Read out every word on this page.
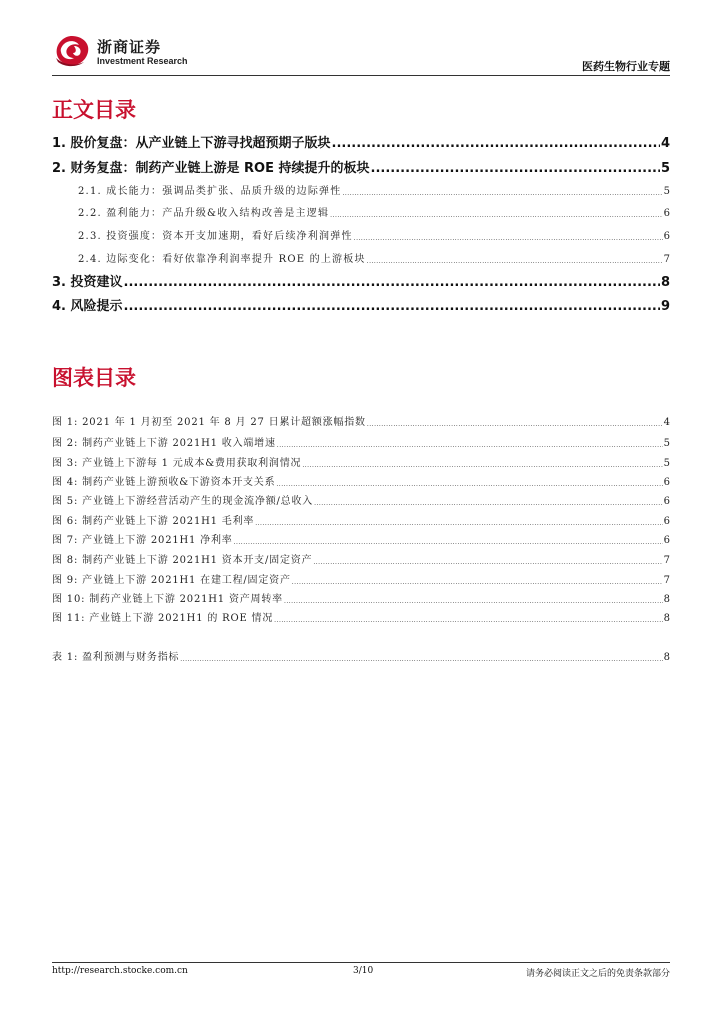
浙商证券
Investment Research	医药生物行业专题
正文目录
1. 股价复盘：从产业链上下游寻找超预期子版块 .....	4
2. 财务复盘：制药产业链上游是 ROE 持续提升的板块 .....	5
2.1. 成长能力：强调品类扩张、品质升级的边际弹性 .....	5
2.2. 盈利能力：产品升级&收入结构改善是主逻辑 .....	6
2.3. 投资强度：资本开支加速期，看好后续净利润弹性 .....	6
2.4. 边际变化：看好依靠净利润率提升 ROE 的上游板块 .....	7
3. 投资建议 .....	8
4. 风险提示 .....	9
图表目录
图 1: 2021 年 1 月初至 2021 年 8 月 27 日累计超额涨幅指数 .....	4
图 2: 制药产业链上下游 2021H1 收入端增速 .....	5
图 3: 产业链上下游每 1 元成本&费用获取利润情况 .....	5
图 4: 制药产业链上游预收&下游资本开支关系 .....	6
图 5: 产业链上下游经营活动产生的现金流净额/总收入 .....	6
图 6: 制药产业链上下游 2021H1 毛利率 .....	6
图 7: 产业链上下游 2021H1 净利率 .....	6
图 8: 制药产业链上下游 2021H1 资本开支/固定资产 .....	7
图 9: 产业链上下游 2021H1 在建工程/固定资产 .....	7
图 10: 制药产业链上下游 2021H1 资产周转率 .....	8
图 11: 产业链上下游 2021H1 的 ROE 情况 .....	8
表 1: 盈利预测与财务指标 .....	8
http://research.stocke.com.cn	3/10	请务必阅读正文之后的免责条款部分
